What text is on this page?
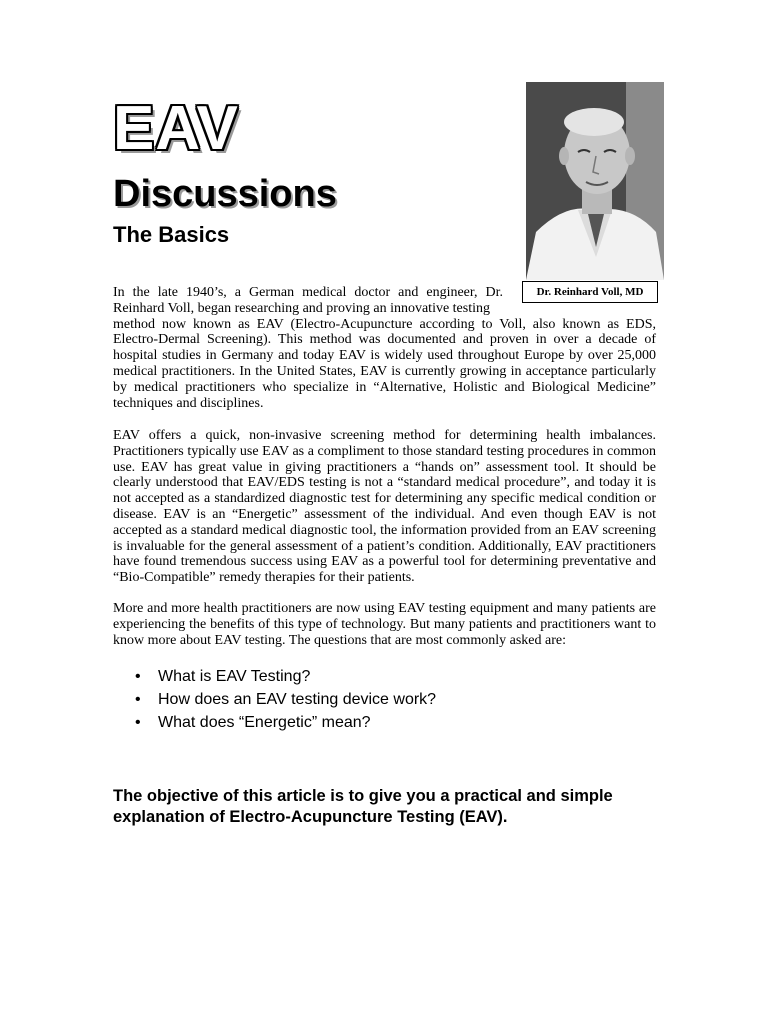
EAV
Discussions
The Basics
Dr. Reinhard Voll, MD

In the late 1940’s, a German medical doctor and engineer, Dr. Reinhard Voll, began researching and proving an innovative testing
method now known as EAV (Electro-Acupuncture according to Voll, also known as EDS, Electro-Dermal Screening). This method was documented and proven in over a decade of hospital studies in Germany and today EAV is widely used throughout Europe by over 25,000 medical practitioners. In the United States, EAV is currently growing in acceptance particularly by medical practitioners who specialize in “Alternative, Holistic and Biological Medicine” techniques and disciplines.

EAV offers a quick, non-invasive screening method for determining health imbalances. Practitioners typically use EAV as a compliment to those standard testing procedures in common use. EAV has great value in giving practitioners a “hands on” assessment tool. It should be clearly understood that EAV/EDS testing is not a “standard medical procedure”, and today it is not accepted as a standardized diagnostic test for determining any specific medical condition or disease. EAV is an “Energetic” assessment of the individual. And even though EAV is not accepted as a standard medical diagnostic tool, the information provided from an EAV screening is invaluable for the general assessment of a patient’s condition. Additionally, EAV practitioners have found tremendous success using EAV as a powerful tool for determining preventative and “Bio-Compatible” remedy therapies for their patients.

More and more health practitioners are now using EAV testing equipment and many patients are experiencing the benefits of this type of technology. But many patients and practitioners want to know more about EAV testing. The questions that are most commonly asked are:

• What is EAV Testing?
• How does an EAV testing device work?
• What does “Energetic” mean?

The objective of this article is to give you a practical and simple explanation of Electro-Acupuncture Testing (EAV).
